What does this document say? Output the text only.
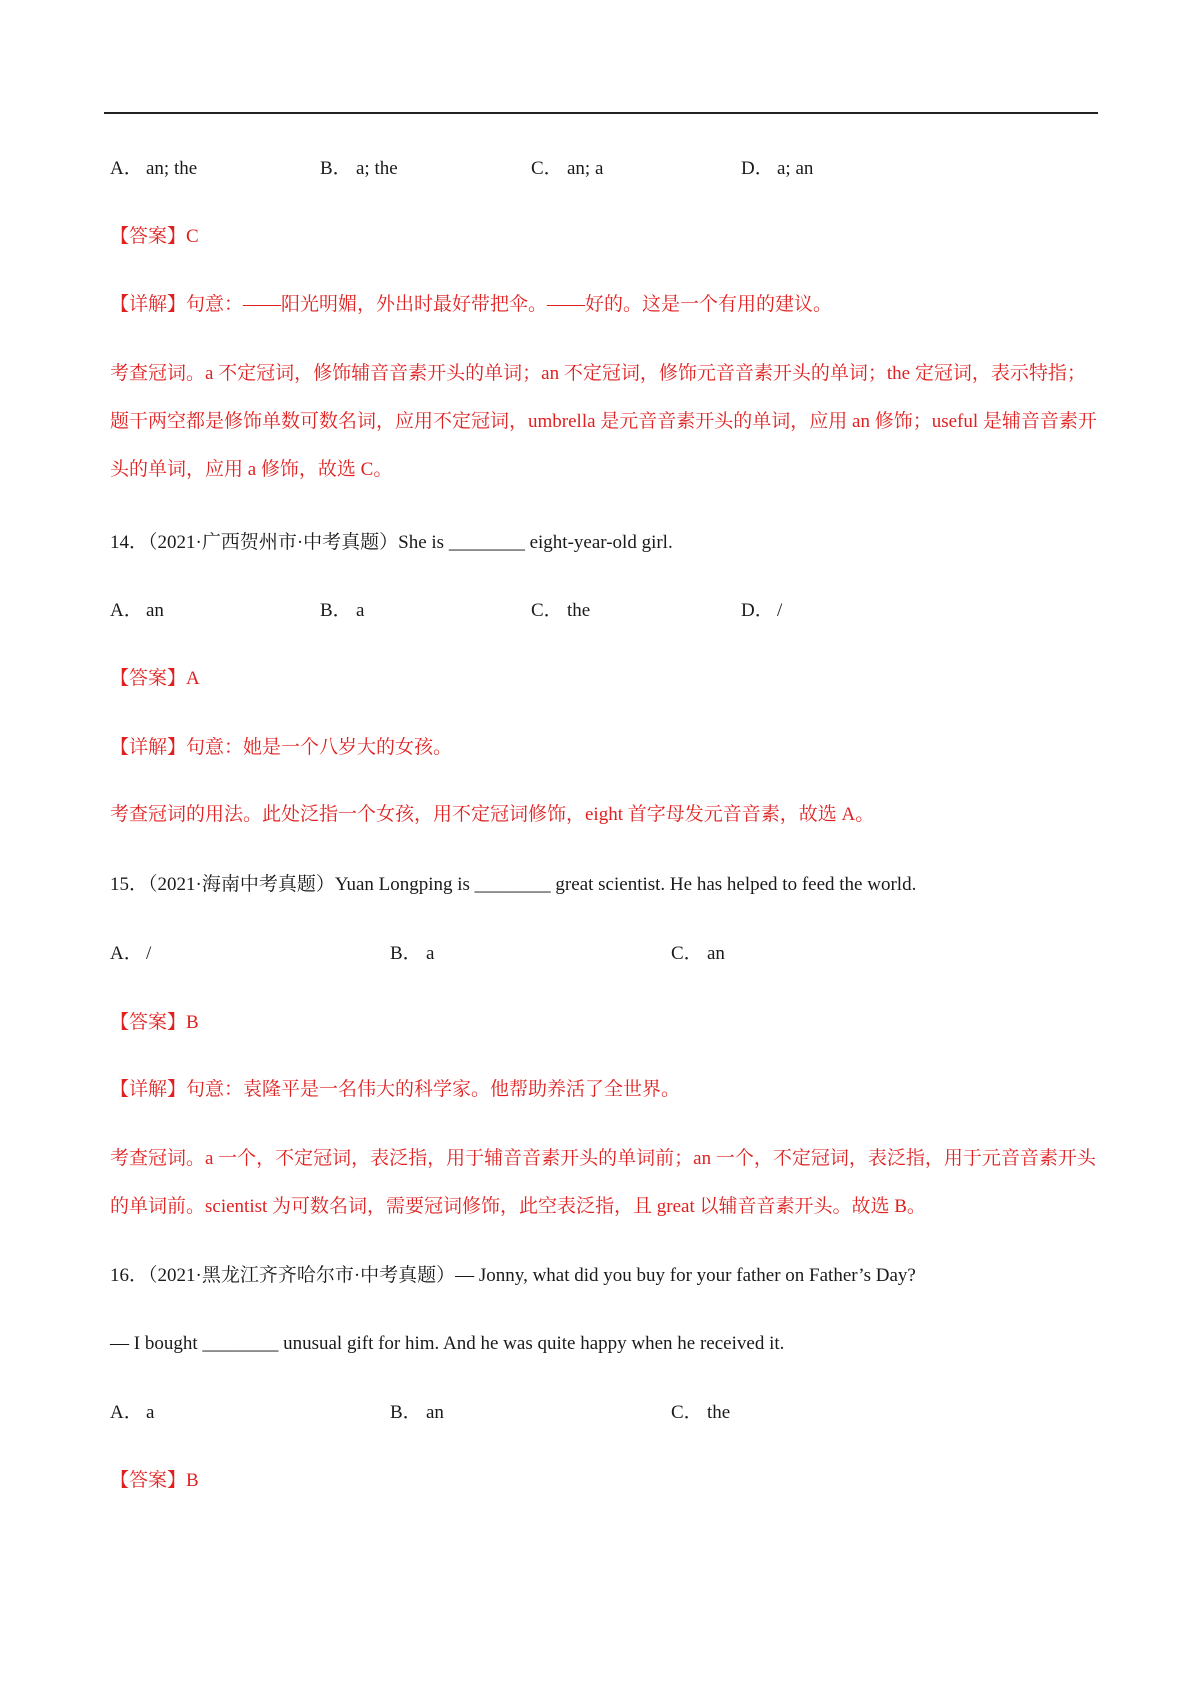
A． an; the	B． a; the	C． an; a	D． a; an
【答案】C
【详解】句意：——阳光明媚，外出时最好带把伞。——好的。这是一个有用的建议。
考查冠词。a 不定冠词，修饰辅音音素开头的单词；an 不定冠词，修饰元音音素开头的单词；the 定冠词，表示特指；题干两空都是修饰单数可数名词，应用不定冠词，umbrella 是元音音素开头的单词，应用 an 修饰；useful 是辅音音素开头的单词，应用 a 修饰，故选 C。
14．（2021·广西贺州市·中考真题）She is ________ eight-year-old girl.
A． an	B． a	C． the	D． /
【答案】A
【详解】句意：她是一个八岁大的女孩。
考查冠词的用法。此处泛指一个女孩，用不定冠词修饰，eight 首字母发元音音素，故选 A。
15．（2021·海南中考真题）Yuan Longping is ________ great scientist. He has helped to feed the world.
A． /	B． a	C． an
【答案】B
【详解】句意：袁隆平是一名伟大的科学家。他帮助养活了全世界。
考查冠词。a 一个，不定冠词，表泛指，用于辅音音素开头的单词前；an 一个，不定冠词，表泛指，用于元音音素开头的单词前。scientist 为可数名词，需要冠词修饰，此空表泛指，且 great 以辅音音素开头。故选 B。
16．（2021·黑龙江齐齐哈尔市·中考真题）— Jonny, what did you buy for your father on Father’s Day?
— I bought ________ unusual gift for him. And he was quite happy when he received it.
A． a	B． an	C． the
【答案】B
